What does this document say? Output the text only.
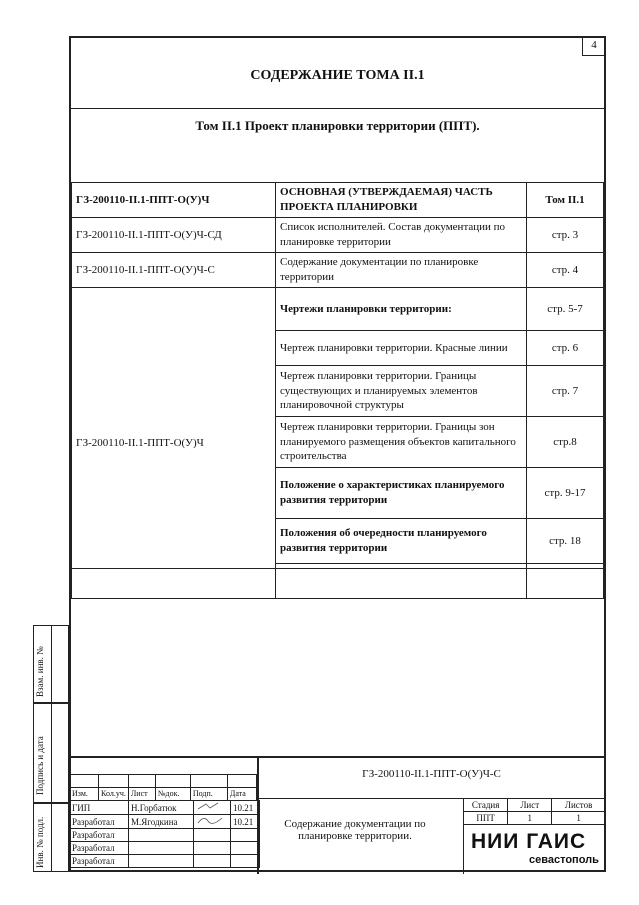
СОДЕРЖАНИЕ ТОМА II.1
Том II.1 Проект планировки территории (ППТ).
ГЗ-200110-II.1-ППТ-О(У)Ч	ОСНОВНАЯ (УТВЕРЖДАЕМАЯ) ЧАСТЬ ПРОЕКТА ПЛАНИРОВКИ	Том II.1
ГЗ-200110-II.1-ППТ-О(У)Ч-СД	Список исполнителей. Состав документации по планировке территории	стр. 3
ГЗ-200110-II.1-ППТ-О(У)Ч-С	Содержание документации по планировке территории	стр. 4
ГЗ-200110-II.1-ППТ-О(У)Ч	Чертежи планировки территории:	стр. 5-7
	Чертеж планировки территории. Красные линии	стр. 6
	Чертеж планировки территории. Границы существующих и планируемых элементов планировочной структуры	стр. 7
	Чертеж планировки территории. Границы зон планируемого размещения объектов капитального строительства	стр.8
	Положение о характеристиках планируемого развития территории	стр. 9-17
	Положения об очередности планируемого развития территории	стр. 18

ГЗ-200110-II.1-ППТ-О(У)Ч-С

Изм.	Кол.уч.	Лист	№док.	Подп.	Дата
ГИП	Н.Горбатюк		10.21
Разработал	М.Ягодкина		10.21
Разработал			
Разработал			
Разработал			
Содержание документации по планировке территории.
Стадия	Лист	Листов
ППТ	1	1
НИИ ГАИС
севастополь
4
Взам. инв. №
Подпись и дата
Инв. № подл.
